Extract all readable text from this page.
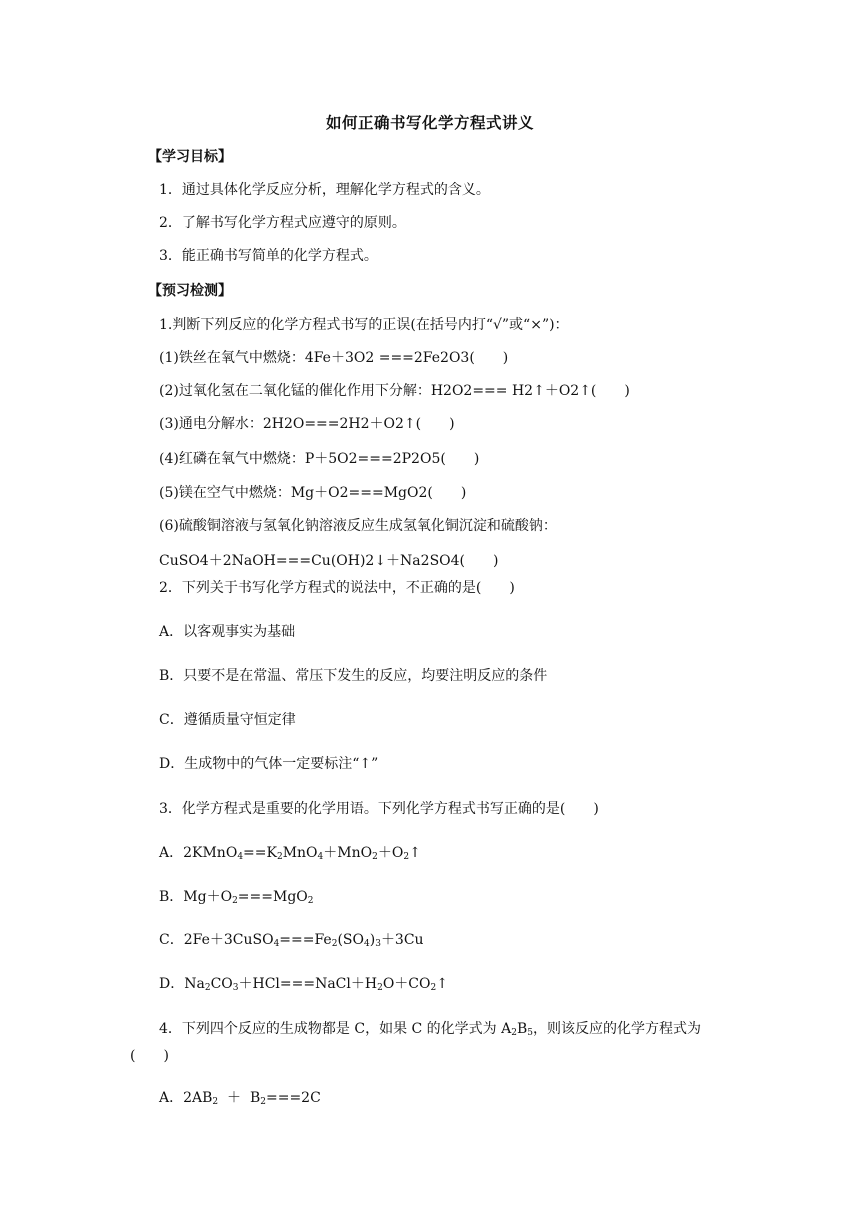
如何正确书写化学方程式讲义
【学习目标】
1．通过具体化学反应分析，理解化学方程式的含义。
2．了解书写化学方程式应遵守的原则。
3．能正确书写简单的化学方程式。
【预习检测】
1.判断下列反应的化学方程式书写的正误(在括号内打“√”或“×”)：
(1)铁丝在氧气中燃烧：4Fe＋3O2 ===2Fe2O3(　　)
(2)过氧化氢在二氧化锰的催化作用下分解：H2O2=== H2↑＋O2↑(　　)
(3)通电分解水：2H2O===2H2＋O2↑(　　)
(4)红磷在氧气中燃烧：P＋5O2===2P2O5(　　)
(5)镁在空气中燃烧：Mg＋O2===MgO2(　　)
(6)硫酸铜溶液与氢氧化钠溶液反应生成氢氧化铜沉淀和硫酸钠：
CuSO4＋2NaOH===Cu(OH)2↓＋Na2SO4(　　)
2．下列关于书写化学方程式的说法中，不正确的是(　　)
A．以客观事实为基础
B．只要不是在常温、常压下发生的反应，均要注明反应的条件
C．遵循质量守恒定律
D．生成物中的气体一定要标注“↑”
3．化学方程式是重要的化学用语。下列化学方程式书写正确的是(　　)
A．$2KMnO_4==K_2MnO_4+MnO_2+O_2↑$
B．$Mg+O_2===MgO_2$
C．$2Fe+3CuSO_4===Fe_2(SO_4)_3+3Cu$
D．$Na_2CO_3+HCl===NaCl+H_2O+CO_2↑$
4．下列四个反应的生成物都是 C，如果 C 的化学式为 $A_2B_5$，则该反应的化学方程式为
(　　)
A．$2AB_2 + B_2===2C$
